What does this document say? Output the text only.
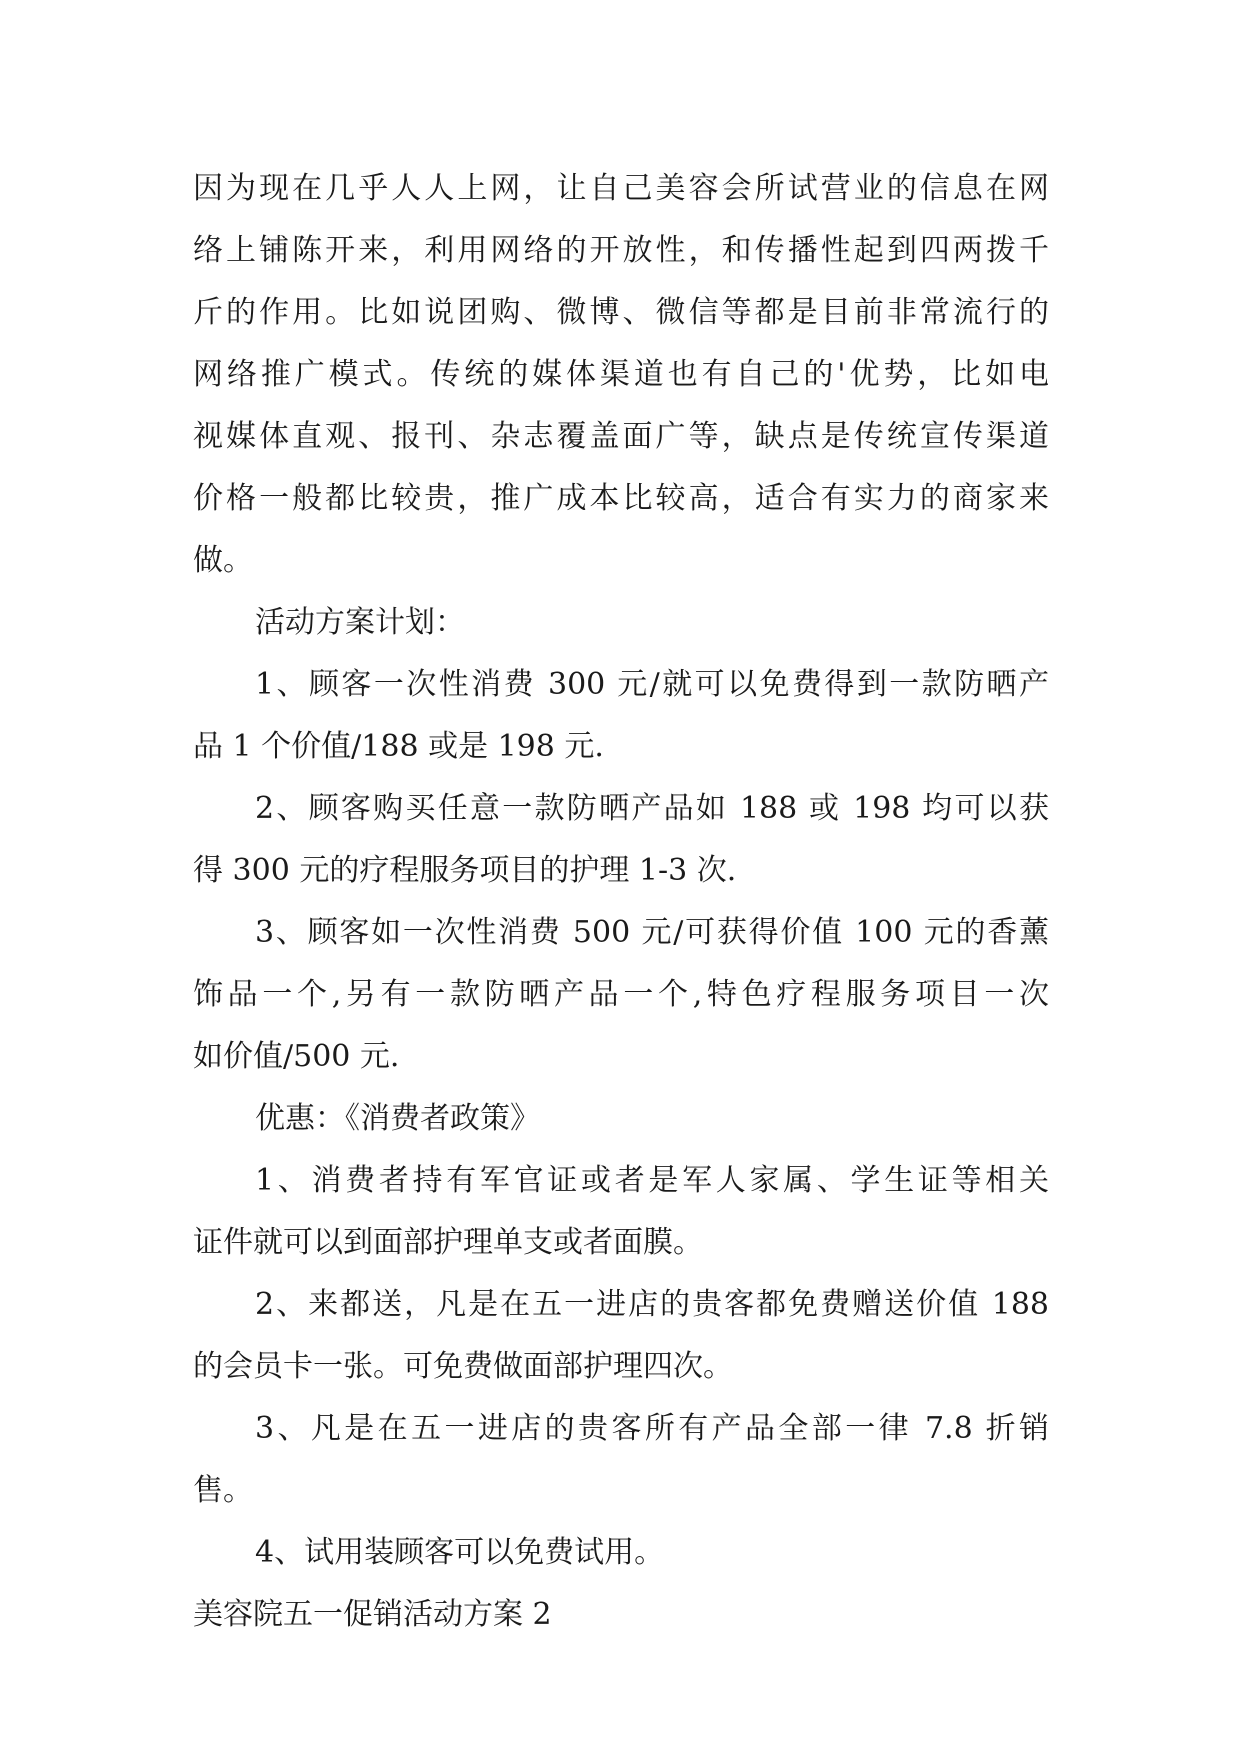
因为现在几乎人人上网，让自己美容会所试营业的信息在网
络上铺陈开来，利用网络的开放性，和传播性起到四两拨千
斤的作用。比如说团购、微博、微信等都是目前非常流行的
网络推广模式。传统的媒体渠道也有自己的'优势，比如电
视媒体直观、报刊、杂志覆盖面广等，缺点是传统宣传渠道
价格一般都比较贵，推广成本比较高，适合有实力的商家来
做。
活动方案计划：
1、顾客一次性消费 300 元/就可以免费得到一款防晒产
品 1 个价值/188 或是 198 元.
2、顾客购买任意一款防晒产品如 188 或 198 均可以获
得 300 元的疗程服务项目的护理 1-3 次.
3、顾客如一次性消费 500 元/可获得价值 100 元的香薰
饰品一个,另有一款防晒产品一个,特色疗程服务项目一次
如价值/500 元.
优惠：《消费者政策》
1、消费者持有军官证或者是军人家属、学生证等相关
证件就可以到面部护理单支或者面膜。
2、来都送，凡是在五一进店的贵客都免费赠送价值 188
的会员卡一张。可免费做面部护理四次。
3、凡是在五一进店的贵客所有产品全部一律 7.8 折销
售。
4、试用装顾客可以免费试用。
美容院五一促销活动方案 2
